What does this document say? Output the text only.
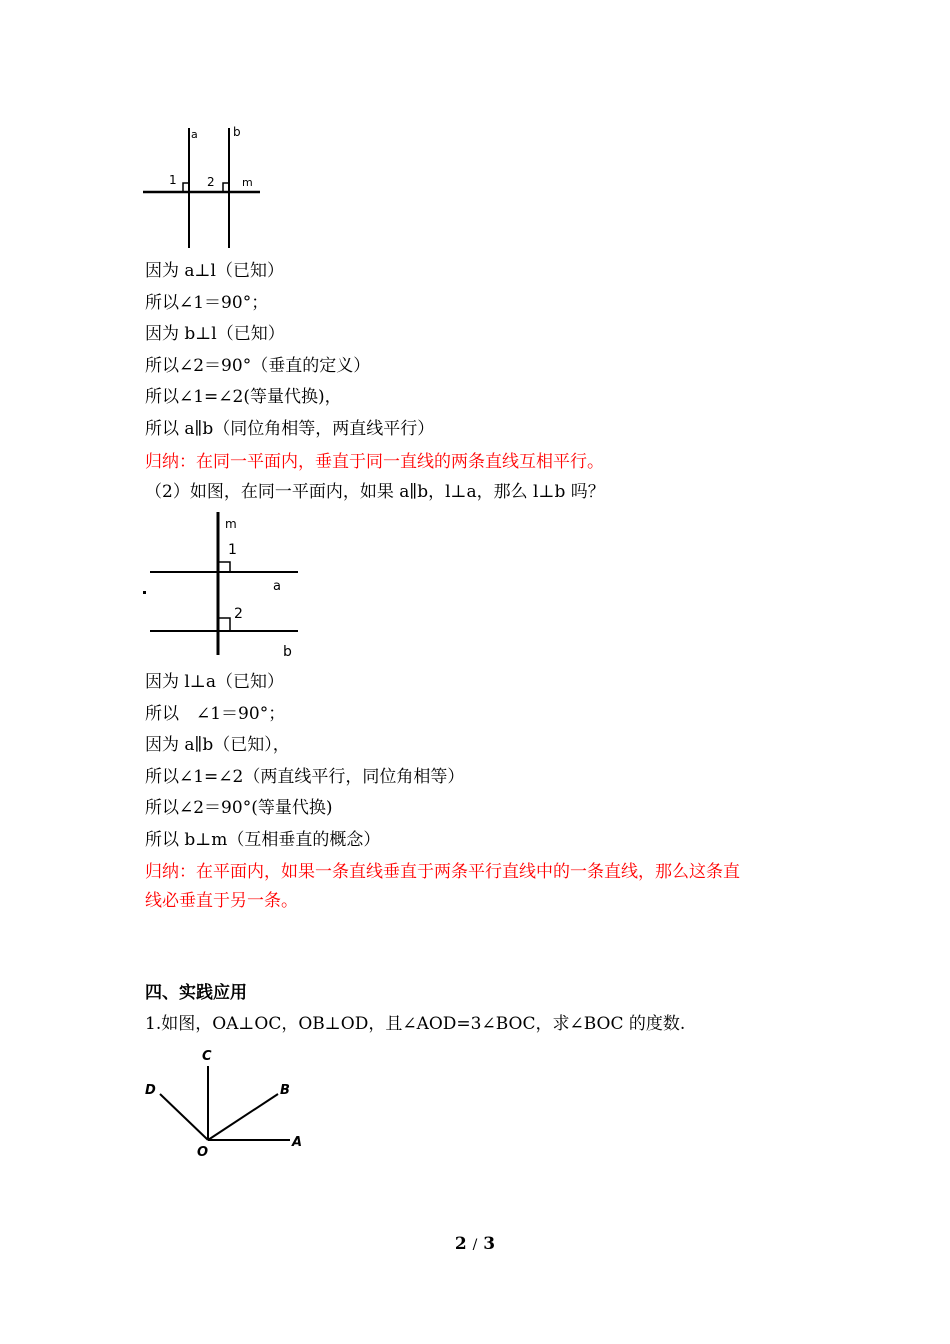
a	b
m
1	2
因为 a⊥l（已知）
所以∠1＝90°；
因为 b⊥l（已知）
所以∠2＝90°（垂直的定义）
所以∠1=∠2(等量代换)，
所以 a∥b（同位角相等，两直线平行）
归纳：在同一平面内，垂直于同一直线的两条直线互相平行。
（2）如图，在同一平面内，如果 a∥b，l⊥a，那么 l⊥b 吗？
m
1
a
2
b
因为 l⊥a（已知）
所以　∠1＝90°；
因为 a∥b（已知），
所以∠1=∠2（两直线平行，同位角相等）
所以∠2＝90°(等量代换)
所以 b⊥m（互相垂直的概念）
归纳：在平面内，如果一条直线垂直于两条平行直线中的一条直线，那么这条直
线必垂直于另一条。
四、实践应用
1.如图，OA⊥OC，OB⊥OD，且∠AOD=3∠BOC，求∠BOC 的度数.
C
D	B
A
O
2 / 3
